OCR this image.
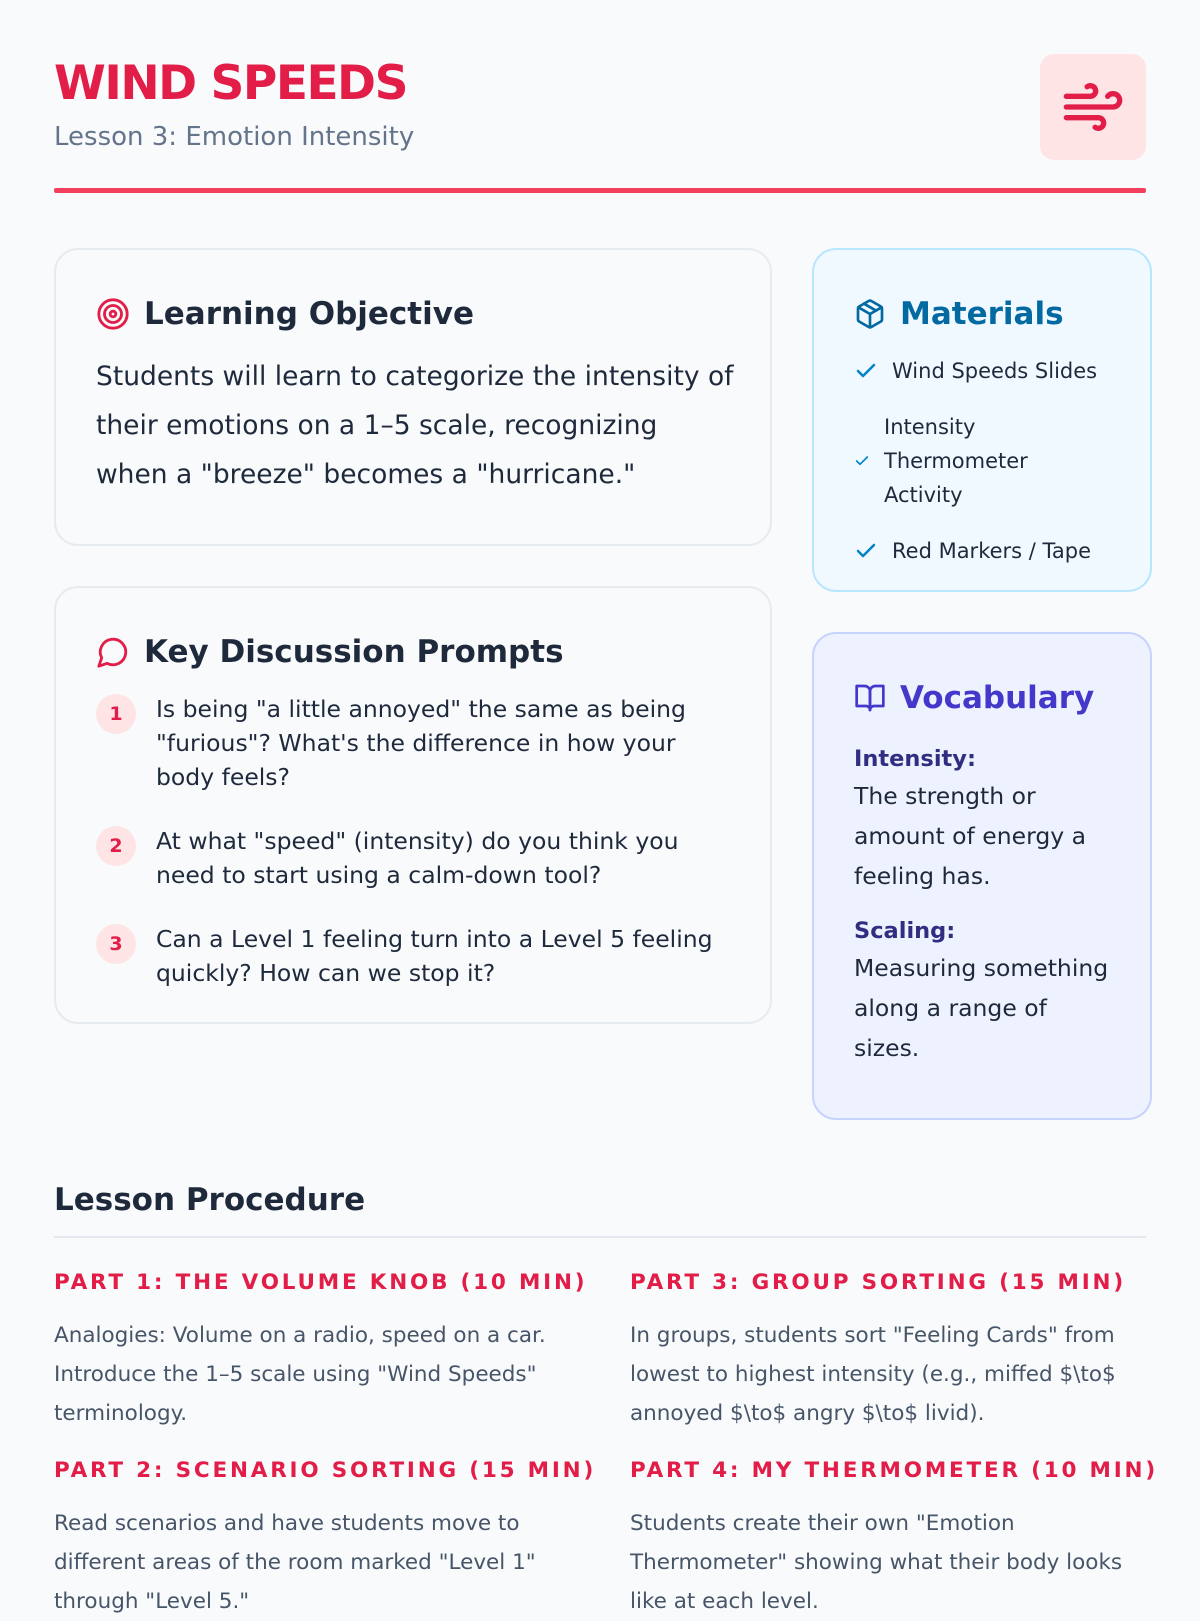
WIND SPEEDS
Lesson 3: Emotion Intensity
Learning Objective
Students will learn to categorize the intensity of their emotions on a 1–5 scale, recognizing when a "breeze" becomes a "hurricane."
Key Discussion Prompts
1	Is being "a little annoyed" the same as being "furious"? What's the difference in how your body feels?
2	At what "speed" (intensity) do you think you need to start using a calm-down tool?
3	Can a Level 1 feeling turn into a Level 5 feeling quickly? How can we stop it?
Materials
Wind Speeds Slides
Intensity Thermometer Activity
Red Markers / Tape
Vocabulary
Intensity:
The strength or amount of energy a feeling has.
Scaling:
Measuring something along a range of sizes.
Lesson Procedure
PART 1: THE VOLUME KNOB (10 MIN)
Analogies: Volume on a radio, speed on a car. Introduce the 1–5 scale using "Wind Speeds" terminology.
PART 2: SCENARIO SORTING (15 MIN)
Read scenarios and have students move to different areas of the room marked "Level 1" through "Level 5."
PART 3: GROUP SORTING (15 MIN)
In groups, students sort "Feeling Cards" from lowest to highest intensity (e.g., miffed $\to$ annoyed $\to$ angry $\to$ livid).
PART 4: MY THERMOMETER (10 MIN)
Students create their own "Emotion Thermometer" showing what their body looks like at each level.
